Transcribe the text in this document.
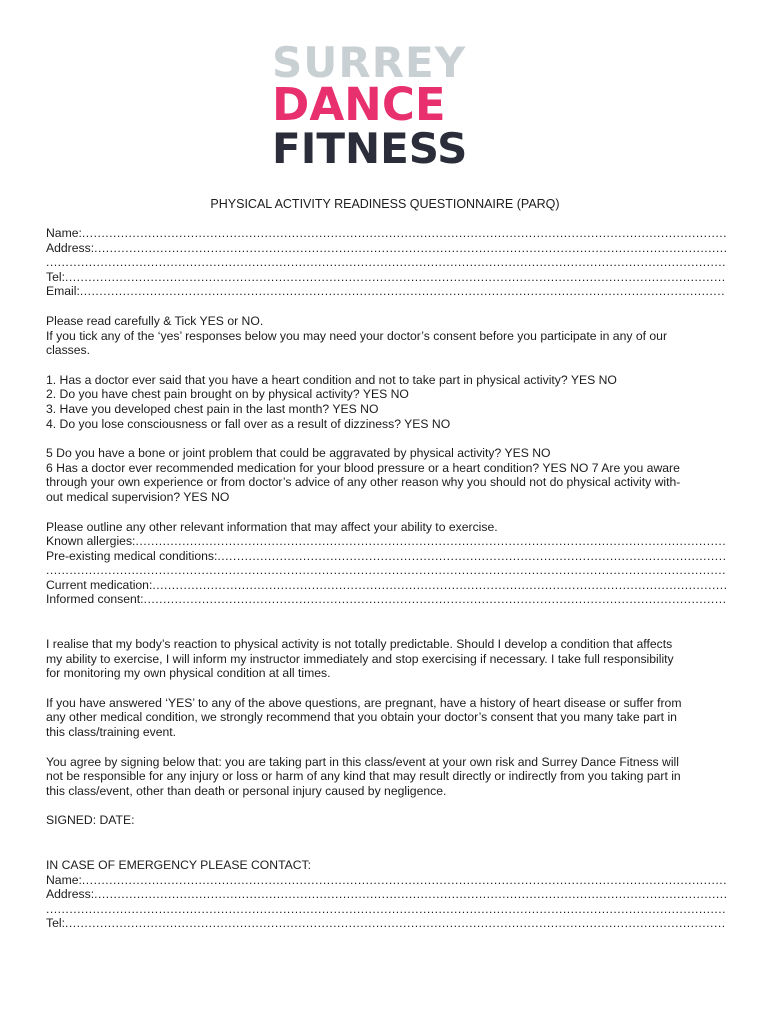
SURREY
DANCE
FITNESS
PHYSICAL ACTIVITY READINESS QUESTIONNAIRE (PARQ)
Name:
.....
Address:
.....
.....
Tel:
.....
Email:
.....
Please read carefully & Tick YES or NO.
If you tick any of the ‘yes’ responses below you may need your doctor’s consent before you participate in any of our
classes.
1. Has a doctor ever said that you have a heart condition and not to take part in physical activity? YES NO
2. Do you have chest pain brought on by physical activity? YES NO
3. Have you developed chest pain in the last month? YES NO
4. Do you lose consciousness or fall over as a result of dizziness? YES NO
5 Do you have a bone or joint problem that could be aggravated by physical activity? YES NO
6 Has a doctor ever recommended medication for your blood pressure or a heart condition? YES NO 7 Are you aware
through your own experience or from doctor’s advice of any other reason why you should not do physical activity with-
out medical supervision? YES NO
Please outline any other relevant information that may affect your ability to exercise.
Known allergies:
.....
Pre-existing medical conditions:
.....
.....
Current medication:
.....
Informed consent:
.....
I realise that my body’s reaction to physical activity is not totally predictable. Should I develop a condition that affects
my ability to exercise, I will inform my instructor immediately and stop exercising if necessary. I take full responsibility
for monitoring my own physical condition at all times.
If you have answered ‘YES’ to any of the above questions, are pregnant, have a history of heart disease or suffer from
any other medical condition, we strongly recommend that you obtain your doctor’s consent that you many take part in
this class/training event.
You agree by signing below that: you are taking part in this class/event at your own risk and Surrey Dance Fitness will
not be responsible for any injury or loss or harm of any kind that may result directly or indirectly from you taking part in
this class/event, other than death or personal injury caused by negligence.
SIGNED: DATE:
IN CASE OF EMERGENCY PLEASE CONTACT:
Name:
.....
Address:
.....
.....
Tel:
.....
